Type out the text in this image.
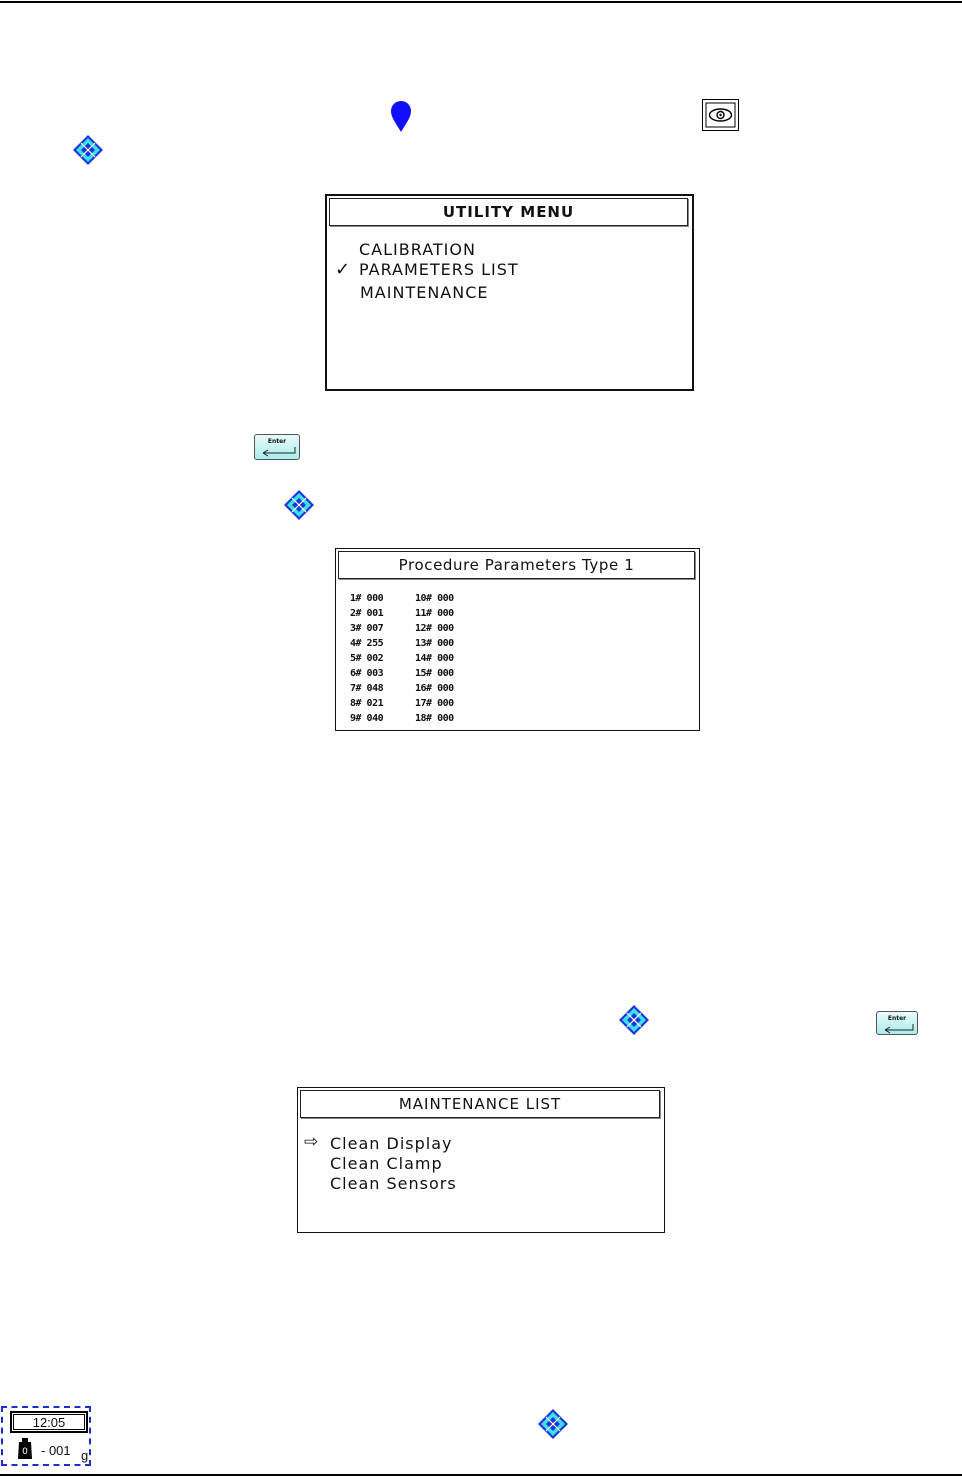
UTILITY MENU
✓
CALIBRATION
PARAMETERS LIST
MAINTENANCE
Enter
Procedure Parameters Type 1
1# 000
2# 001
3# 007
4# 255
5# 002
6# 003
7# 048
8# 021
9# 040
10# 000
11# 000
12# 000
13# 000
14# 000
15# 000
16# 000
17# 000
18# 000
Enter
MAINTENANCE LIST
⇨ Clean Display
Clean Clamp
Clean Sensors
12:05
0 - 001 g
